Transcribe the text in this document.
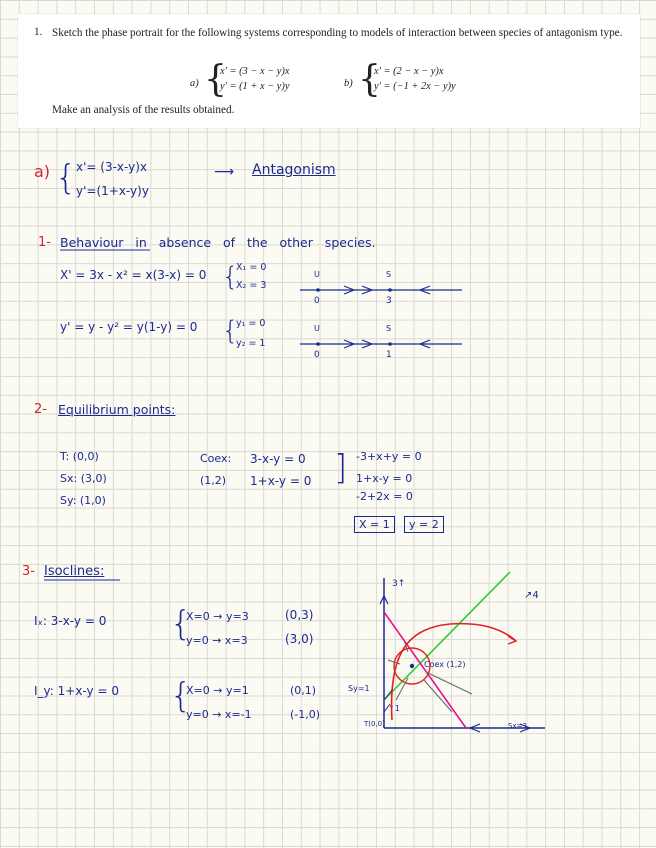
1. Sketch the phase portrait for the following systems corresponding to models of interaction between species of antagonism type.
a) {
x′ = (3 − x − y)x
y′ = (1 + x − y)y	b) {
x′ = (2 − x − y)x
y′ = (−1 + 2x − y)y
Make an analysis of the results obtained.
a) { x'= (3-x-y)x
y'=(1+x-y)y
⟶ Antagonism
1- Behaviour in absence of the other species.
X' = 3x - x² = x(3-x) = 0 {
X₁ = 0
X₂ = 3
U	S
0	3
y' = y - y² = y(1-y) = 0 {
y₁ = 0
y₂ = 1
U	S
0	1
2- Equilibrium points:
T: (0,0)
Sx: (3,0)
Sy: (1,0)
Coex:
(1,2)
3-x-y = 0
1+x-y = 0 ] -3+x+y = 0
1+x-y = 0
-2+2x = 0
X = 1	y = 2
3- Isoclines:
Iₓ: 3-x-y = 0 {
X=0 → y=3
y=0 → x=3
(0,3)
(3,0)
I_y: 1+x-y = 0 {
X=0 → y=1
y=0 → x=-1
(0,1)
(-1,0)
3↑
↗4
Coex (1,2)
Sy=1
↑1
T(0,0)	Sx=3
